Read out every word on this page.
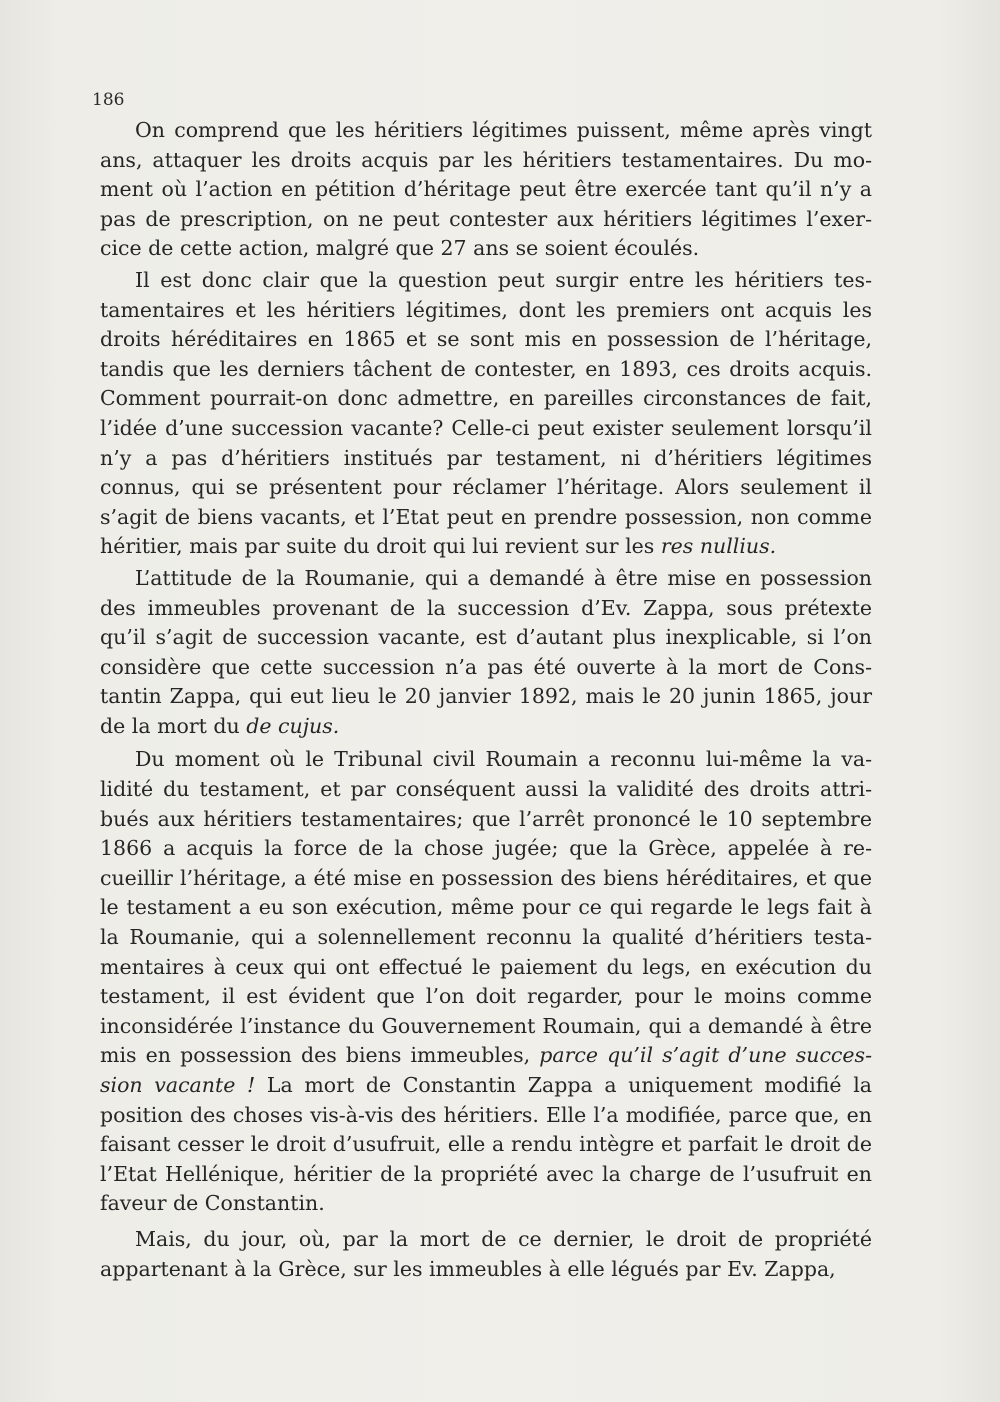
186

On comprend que les héritiers légitimes puissent, même après vingt ans, attaquer les droits acquis par les héritiers testamentaires. Du moment où l’action en pétition d’héritage peut être exercée tant qu’il n’y a pas de prescription, on ne peut contester aux héritiers légitimes l’exercice de cette action, malgré que 27 ans se soient écoulés.

Il est donc clair que la question peut surgir entre les héritiers testamentaires et les héritiers légitimes, dont les premiers ont acquis les droits héréditaires en 1865 et se sont mis en possession de l’héritage, tandis que les derniers tâchent de contester, en 1893, ces droits acquis. Comment pourrait-on donc admettre, en pareilles circonstances de fait, l’idée d’une succession vacante? Celle-ci peut exister seulement lorsqu’il n’y a pas d’héritiers institués par testament, ni d’héritiers légitimes connus, qui se présentent pour réclamer l’héritage. Alors seulement il s’agit de biens vacants, et l’Etat peut en prendre possession, non comme héritier, mais par suite du droit qui lui revient sur les res nullius.

L’attitude de la Roumanie, qui a demandé à être mise en possession des immeubles provenant de la succession d’Ev. Zappa, sous prétexte qu’il s’agit de succession vacante, est d’autant plus inexplicable, si l’on considère que cette succession n’a pas été ouverte à la mort de Constantin Zappa, qui eut lieu le 20 janvier 1892, mais le 20 junin 1865, jour de la mort du de cujus.

Du moment où le Tribunal civil Roumain a reconnu lui-même la validité du testament, et par conséquent aussi la validité des droits attribués aux héritiers testamentaires; que l’arrêt prononcé le 10 septembre 1866 a acquis la force de la chose jugée; que la Grèce, appelée à recueillir l’héritage, a été mise en possession des biens héréditaires, et que le testament a eu son exécution, même pour ce qui regarde le legs fait à la Roumanie, qui a solennellement reconnu la qualité d’héritiers testamentaires à ceux qui ont effectué le paiement du legs, en exécution du testament, il est évident que l’on doit regarder, pour le moins comme inconsidérée l’instance du Gouvernement Roumain, qui a demandé à être mis en possession des biens immeubles, parce qu’il s’agit d’une succession vacante ! La mort de Constantin Zappa a uniquement modifié la position des choses vis-à-vis des héritiers. Elle l’a modifiée, parce que, en faisant cesser le droit d’usufruit, elle a rendu intègre et parfait le droit de l’Etat Hellénique, héritier de la propriété avec la charge de l’usufruit en faveur de Constantin.

Mais, du jour, où, par la mort de ce dernier, le droit de propriété appartenant à la Grèce, sur les immeubles à elle légués par Ev. Zappa,
